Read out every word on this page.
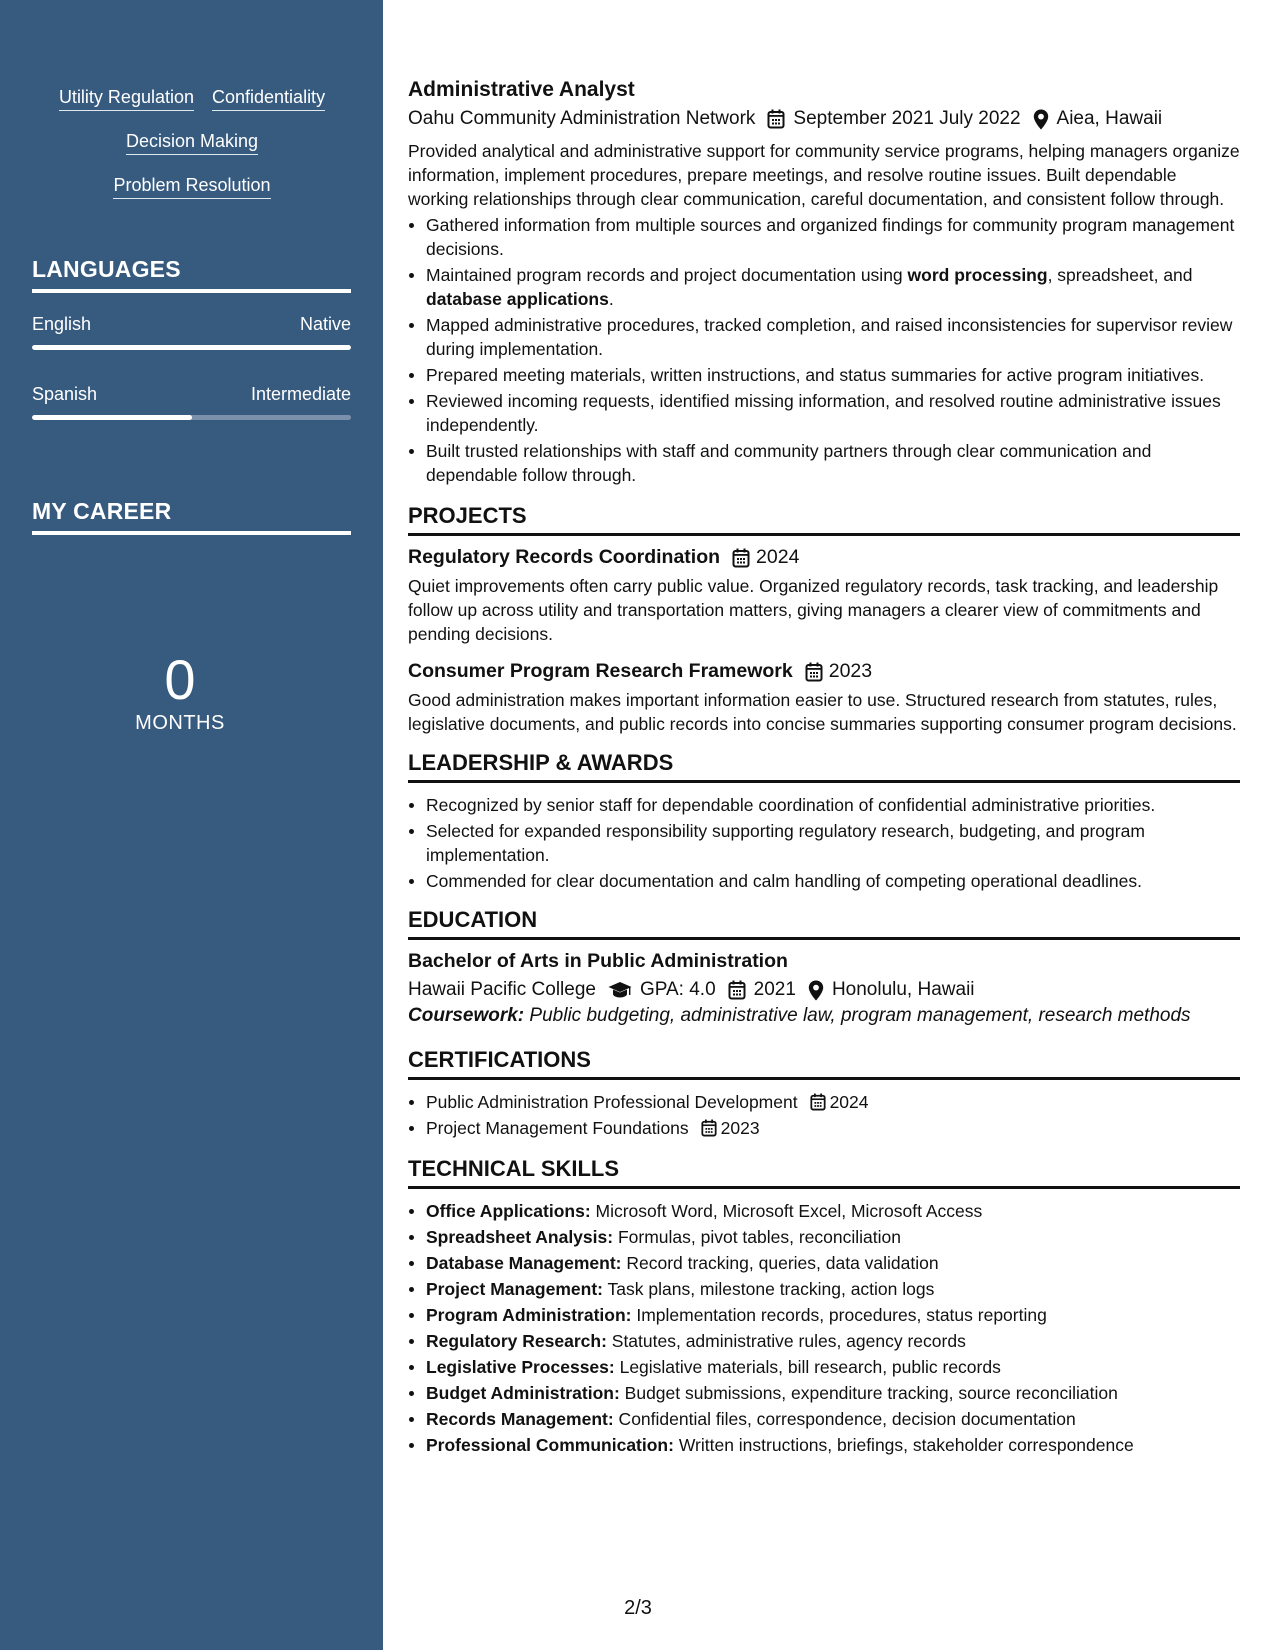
Utility Regulation Confidentiality
Decision Making
Problem Resolution
LANGUAGES
English	Native
Spanish	Intermediate
MY CAREER
0
MONTHS
Administrative Analyst
Oahu Community Administration Network September 2021 July 2022 Aiea, Hawaii

Provided analytical and administrative support for community service programs, helping managers organize information, implement procedures, prepare meetings, and resolve routine issues. Built dependable working relationships through clear communication, careful documentation, and consistent follow through.

Gathered information from multiple sources and organized findings for community program management decisions.
Maintained program records and project documentation using word processing, spreadsheet, and database applications.
Mapped administrative procedures, tracked completion, and raised inconsistencies for supervisor review during implementation.
Prepared meeting materials, written instructions, and status summaries for active program initiatives.
Reviewed incoming requests, identified missing information, and resolved routine administrative issues independently.
Built trusted relationships with staff and community partners through clear communication and dependable follow through.
PROJECTS
Regulatory Records Coordination 2024

Quiet improvements often carry public value. Organized regulatory records, task tracking, and leadership follow up across utility and transportation matters, giving managers a clearer view of commitments and pending decisions.

Consumer Program Research Framework 2023

Good administration makes important information easier to use. Structured research from statutes, rules, legislative documents, and public records into concise summaries supporting consumer program decisions.

LEADERSHIP & AWARDS
Recognized by senior staff for dependable coordination of confidential administrative priorities.
Selected for expanded responsibility supporting regulatory research, budgeting, and program implementation.
Commended for clear documentation and calm handling of competing operational deadlines.
EDUCATION
Bachelor of Arts in Public Administration
Hawaii Pacific College GPA: 4.0 2021 Honolulu, Hawaii
Coursework: Public budgeting, administrative law, program management, research methods
CERTIFICATIONS
Public Administration Professional Development 2024
Project Management Foundations 2023
TECHNICAL SKILLS
Office Applications: Microsoft Word, Microsoft Excel, Microsoft Access
Spreadsheet Analysis: Formulas, pivot tables, reconciliation
Database Management: Record tracking, queries, data validation
Project Management: Task plans, milestone tracking, action logs
Program Administration: Implementation records, procedures, status reporting
Regulatory Research: Statutes, administrative rules, agency records
Legislative Processes: Legislative materials, bill research, public records
Budget Administration: Budget submissions, expenditure tracking, source reconciliation
Records Management: Confidential files, correspondence, decision documentation
Professional Communication: Written instructions, briefings, stakeholder correspondence
2/3
